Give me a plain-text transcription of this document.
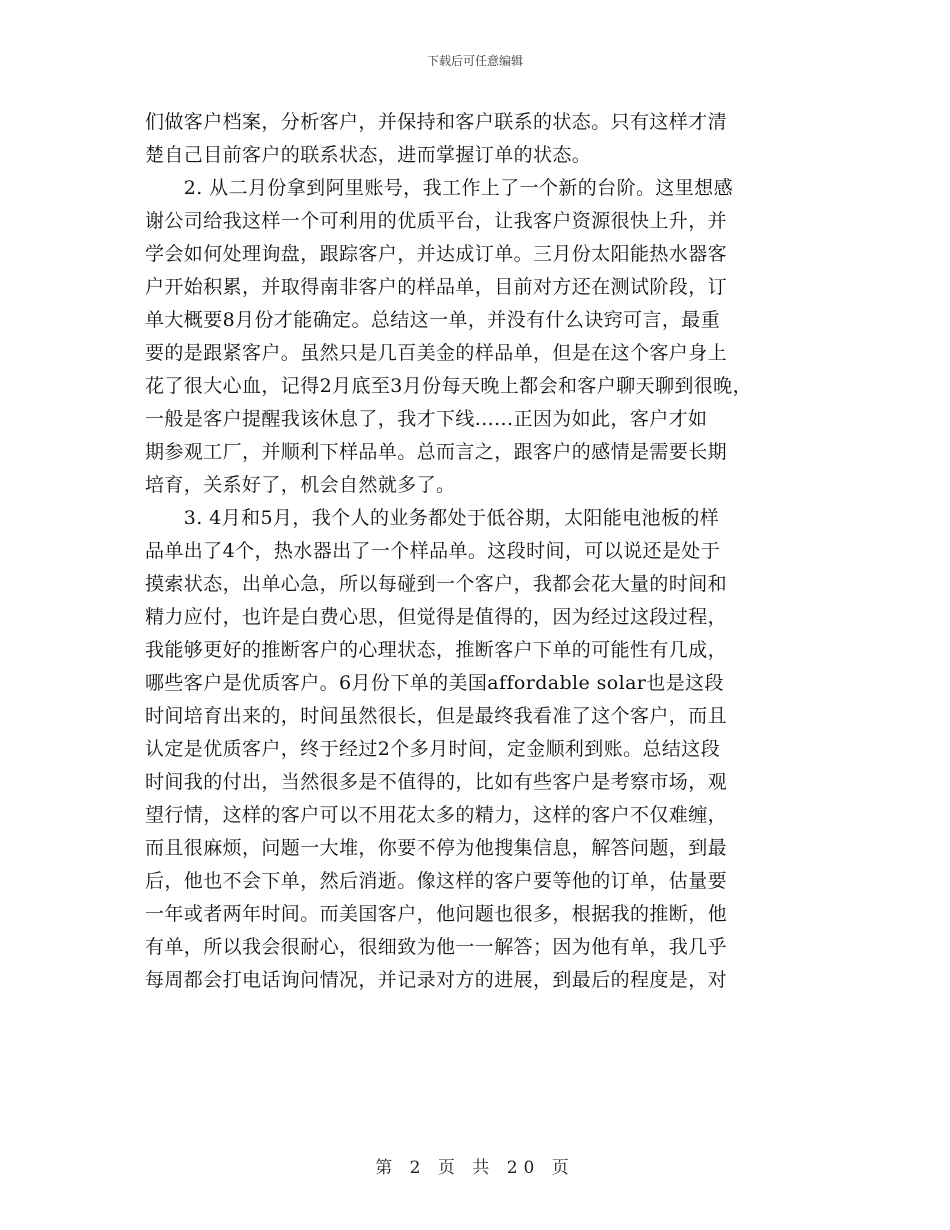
下载后可任意编辑
们做客户档案，分析客户，并保持和客户联系的状态。只有这样才清
楚自己目前客户的联系状态，进而掌握订单的状态。
　　2. 从二月份拿到阿里账号，我工作上了一个新的台阶。这里想感
谢公司给我这样一个可利用的优质平台，让我客户资源很快上升，并
学会如何处理询盘，跟踪客户，并达成订单。三月份太阳能热水器客
户开始积累，并取得南非客户的样品单，目前对方还在测试阶段，订
单大概要8月份才能确定。总结这一单，并没有什么诀窍可言，最重
要的是跟紧客户。虽然只是几百美金的样品单，但是在这个客户身上
花了很大心血，记得2月底至3月份每天晚上都会和客户聊天聊到很晚，
一般是客户提醒我该休息了，我才下线......正因为如此，客户才如
期参观工厂，并顺利下样品单。总而言之，跟客户的感情是需要长期
培育，关系好了，机会自然就多了。
　　3. 4月和5月，我个人的业务都处于低谷期，太阳能电池板的样
品单出了4个，热水器出了一个样品单。这段时间，可以说还是处于
摸索状态，出单心急，所以每碰到一个客户，我都会花大量的时间和
精力应付，也许是白费心思，但觉得是值得的，因为经过这段过程，
我能够更好的推断客户的心理状态，推断客户下单的可能性有几成，
哪些客户是优质客户。6月份下单的美国affordable solar也是这段
时间培育出来的，时间虽然很长，但是最终我看准了这个客户，而且
认定是优质客户，终于经过2个多月时间，定金顺利到账。总结这段
时间我的付出，当然很多是不值得的，比如有些客户是考察市场，观
望行情，这样的客户可以不用花太多的精力，这样的客户不仅难缠，
而且很麻烦，问题一大堆，你要不停为他搜集信息，解答问题，到最
后，他也不会下单，然后消逝。像这样的客户要等他的订单，估量要
一年或者两年时间。而美国客户，他问题也很多，根据我的推断，他
有单，所以我会很耐心，很细致为他一一解答；因为他有单，我几乎
每周都会打电话询问情况，并记录对方的进展，到最后的程度是，对
第 2 页 共 20 页
